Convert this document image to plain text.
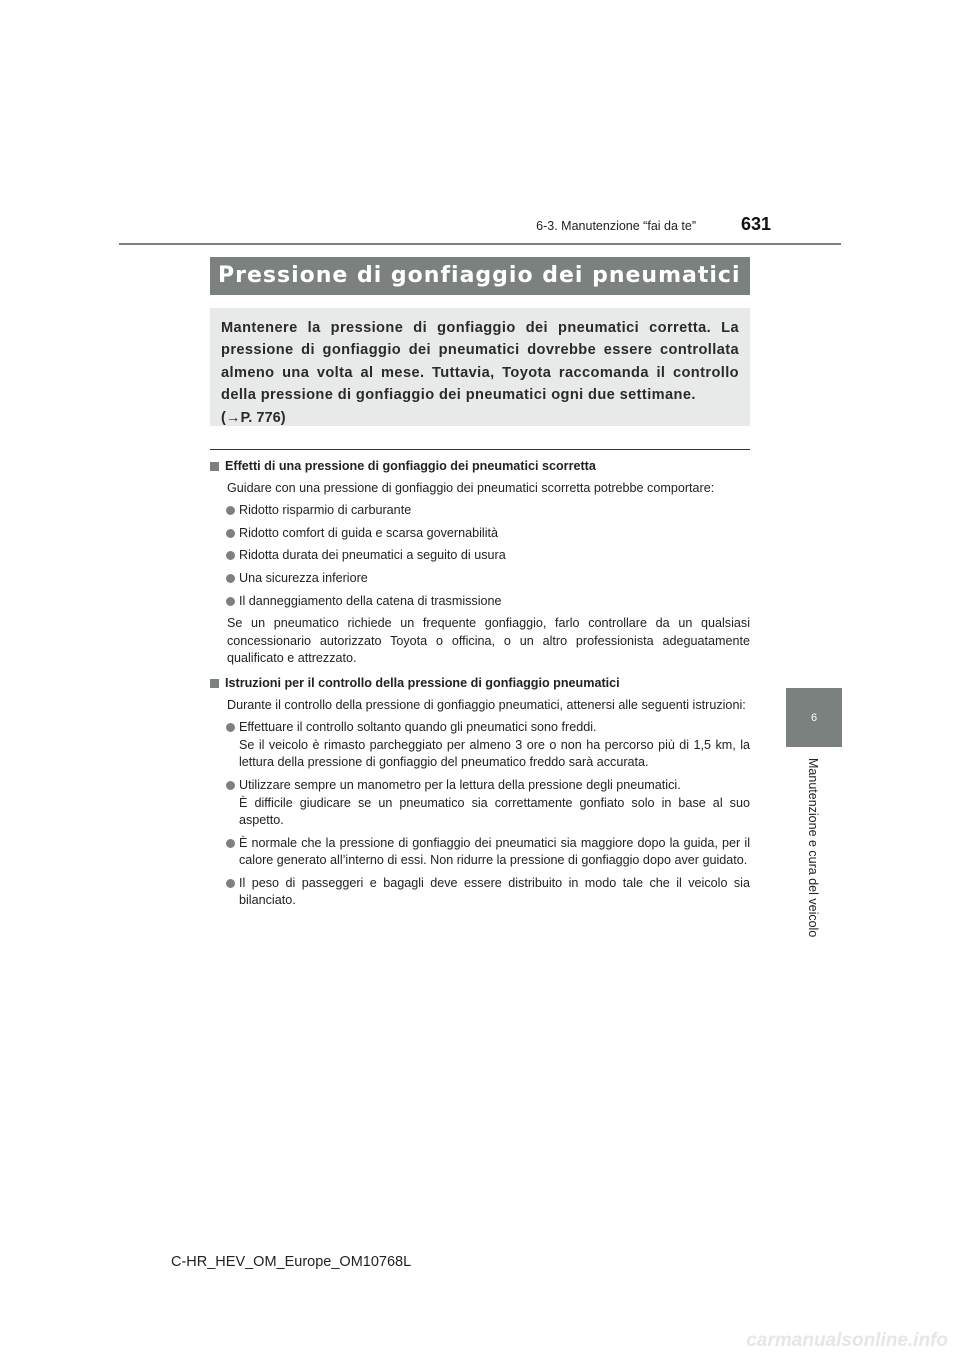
6-3. Manutenzione “fai da te”	631
6
Manutenzione e cura del veicolo
Pressione di gonfiaggio dei pneumatici

Mantenere la pressione di gonfiaggio dei pneumatici corretta. La pressione di gonfiaggio dei pneumatici dovrebbe essere controllata almeno una volta al mese. Tuttavia, Toyota raccomanda il controllo della pressione di gonfiaggio dei pneumatici ogni due settimane.

(→P. 776)

Effetti di una pressione di gonfiaggio dei pneumatici scorretta
Guidare con una pressione di gonfiaggio dei pneumatici scorretta potrebbe comportare:
Ridotto risparmio di carburante
Ridotto comfort di guida e scarsa governabilità
Ridotta durata dei pneumatici a seguito di usura
Una sicurezza inferiore
Il danneggiamento della catena di trasmissione
Se un pneumatico richiede un frequente gonfiaggio, farlo controllare da un qualsiasi concessionario autorizzato Toyota o officina, o un altro professionista adeguatamente qualificato e attrezzato.
Istruzioni per il controllo della pressione di gonfiaggio pneumatici
Durante il controllo della pressione di gonfiaggio pneumatici, attenersi alle seguenti istruzioni:
Effettuare il controllo soltanto quando gli pneumatici sono freddi.
Se il veicolo è rimasto parcheggiato per almeno 3 ore o non ha percorso più di 1,5 km, la lettura della pressione di gonfiaggio del pneumatico freddo sarà accurata.
Utilizzare sempre un manometro per la lettura della pressione degli pneumatici.
È difficile giudicare se un pneumatico sia correttamente gonfiato solo in base al suo aspetto.
È normale che la pressione di gonfiaggio dei pneumatici sia maggiore dopo la guida, per il calore generato all’interno di essi. Non ridurre la pressione di gonfiaggio dopo aver guidato.
Il peso di passeggeri e bagagli deve essere distribuito in modo tale che il veicolo sia bilanciato.
C-HR_HEV_OM_Europe_OM10768L
carmanualsonline.info
